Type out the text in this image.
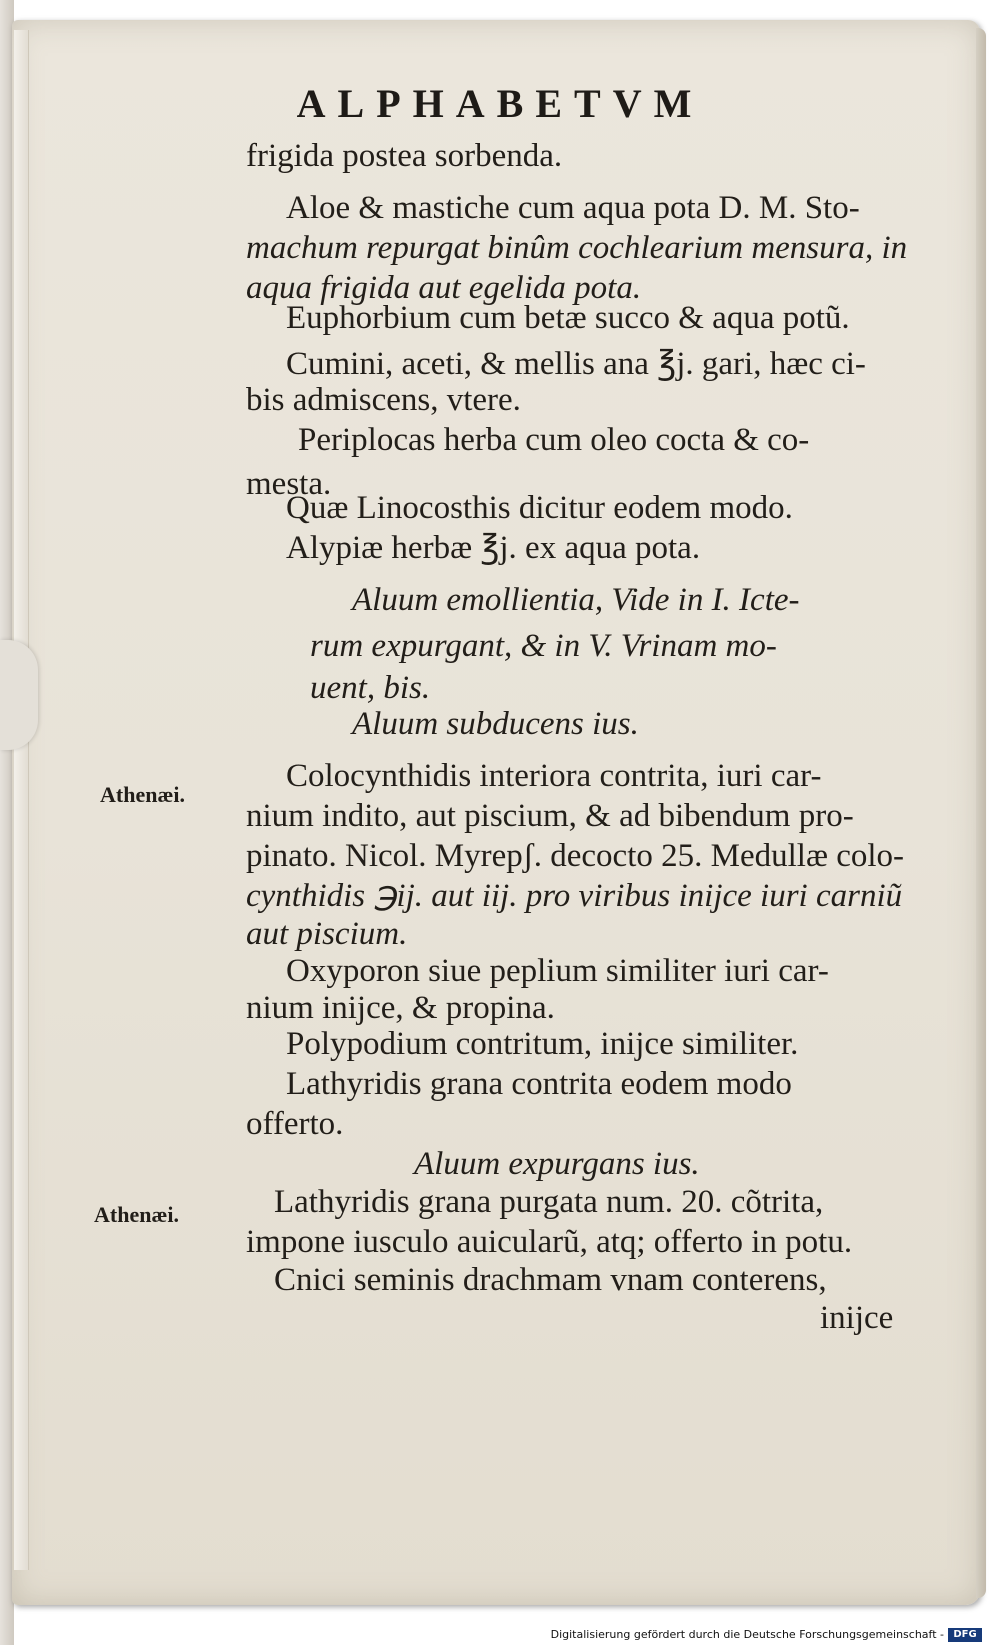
ALPHABETVM
frigida postea sorbenda.
Aloe & mastiche cum aqua pota D. M. Sto-
machum repurgat binûm cochlearium mensura, in
aqua frigida aut egelida pota.
Euphorbium cum betæ succo & aqua potũ.
Cumini, aceti, & mellis ana ℥j. gari, hæc ci-
bis admiscens, vtere.
Periplocas herba cum oleo cocta & co-
mesta.
Quæ Linocosthis dicitur eodem modo.
Alypiæ herbæ ℥j. ex aqua pota.
Aluum emollientia, Vide in I. Icte-
rum expurgant, & in V. Vrinam mo-
uent, bis.
Aluum subducens ius.
Athenæi.
Colocynthidis interiora contrita, iuri car-
nium indito, aut piscium, & ad bibendum pro-
pinato. Nicol. Myrepʃ. decocto 25. Medullæ colo-
cynthidis ℈ij. aut iij. pro viribus inijce iuri carniũ
aut piscium.
Oxyporon siue peplium similiter iuri car-
nium inijce, & propina.
Polypodium contritum, inijce similiter.
Lathyridis grana contrita eodem modo
offerto.
Aluum expurgans ius.
Athenæi.	Lathyridis grana purgata num. 20. cõtrita,
impone iusculo auicularũ, atq; offerto in potu.
Cnici seminis drachmam vnam conterens,
inijce
Digitalisierung gefördert durch die Deutsche Forschungsgemeinschaft - DFG
